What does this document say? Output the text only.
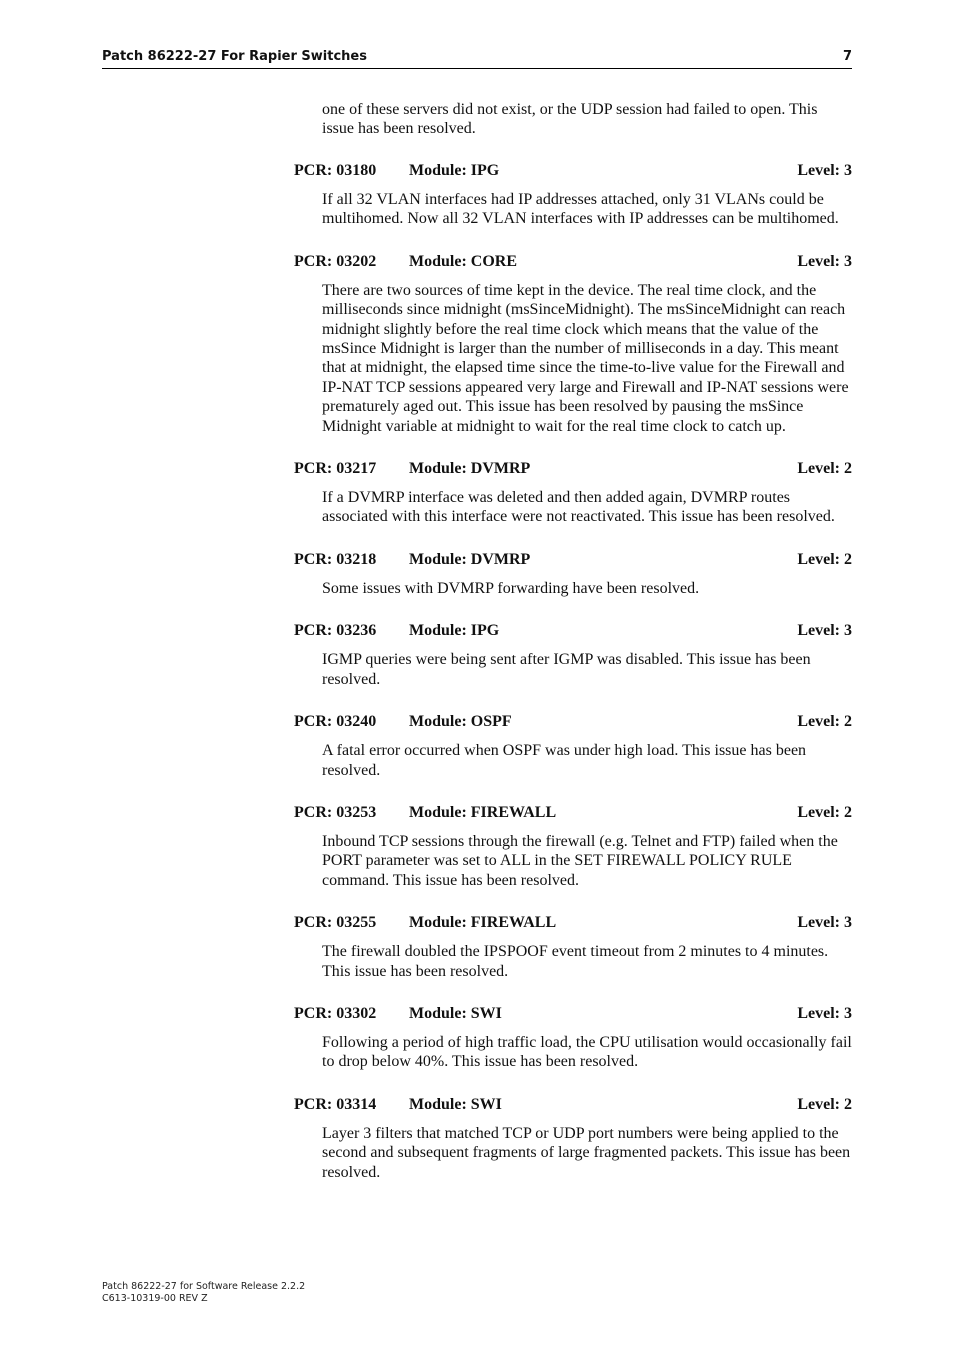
Patch 86222-27 For Rapier Switches	7

one of these servers did not exist, or the UDP session had failed to open. This issue has been resolved.

PCR: 03180 Module: IPG	Level: 3
If all 32 VLAN interfaces had IP addresses attached, only 31 VLANs could be multihomed. Now all 32 VLAN interfaces with IP addresses can be multihomed.
PCR: 03202 Module: CORE	Level: 3
There are two sources of time kept in the device. The real time clock, and the milliseconds since midnight (msSinceMidnight). The msSinceMidnight can reach midnight slightly before the real time clock which means that the value of the msSince Midnight is larger than the number of milliseconds in a day. This meant that at midnight, the elapsed time since the time-to-live value for the Firewall and IP-NAT TCP sessions appeared very large and Firewall and IP-NAT sessions were prematurely aged out. This issue has been resolved by pausing the msSince Midnight variable at midnight to wait for the real time clock to catch up.
PCR: 03217 Module: DVMRP	Level: 2
If a DVMRP interface was deleted and then added again, DVMRP routes associated with this interface were not reactivated. This issue has been resolved.
PCR: 03218 Module: DVMRP	Level: 2
Some issues with DVMRP forwarding have been resolved.
PCR: 03236 Module: IPG	Level: 3
IGMP queries were being sent after IGMP was disabled. This issue has been resolved.
PCR: 03240 Module: OSPF	Level: 2
A fatal error occurred when OSPF was under high load. This issue has been resolved.
PCR: 03253 Module: FIREWALL	Level: 2
Inbound TCP sessions through the firewall (e.g. Telnet and FTP) failed when the PORT parameter was set to ALL in the SET FIREWALL POLICY RULE command. This issue has been resolved.
PCR: 03255 Module: FIREWALL	Level: 3
The firewall doubled the IPSPOOF event timeout from 2 minutes to 4 minutes. This issue has been resolved.
PCR: 03302 Module: SWI	Level: 3
Following a period of high traffic load, the CPU utilisation would occasionally fail to drop below 40%. This issue has been resolved.
PCR: 03314 Module: SWI	Level: 2
Layer 3 filters that matched TCP or UDP port numbers were being applied to the second and subsequent fragments of large fragmented packets. This issue has been resolved.
Patch 86222-27 for Software Release 2.2.2
C613-10319-00 REV Z
